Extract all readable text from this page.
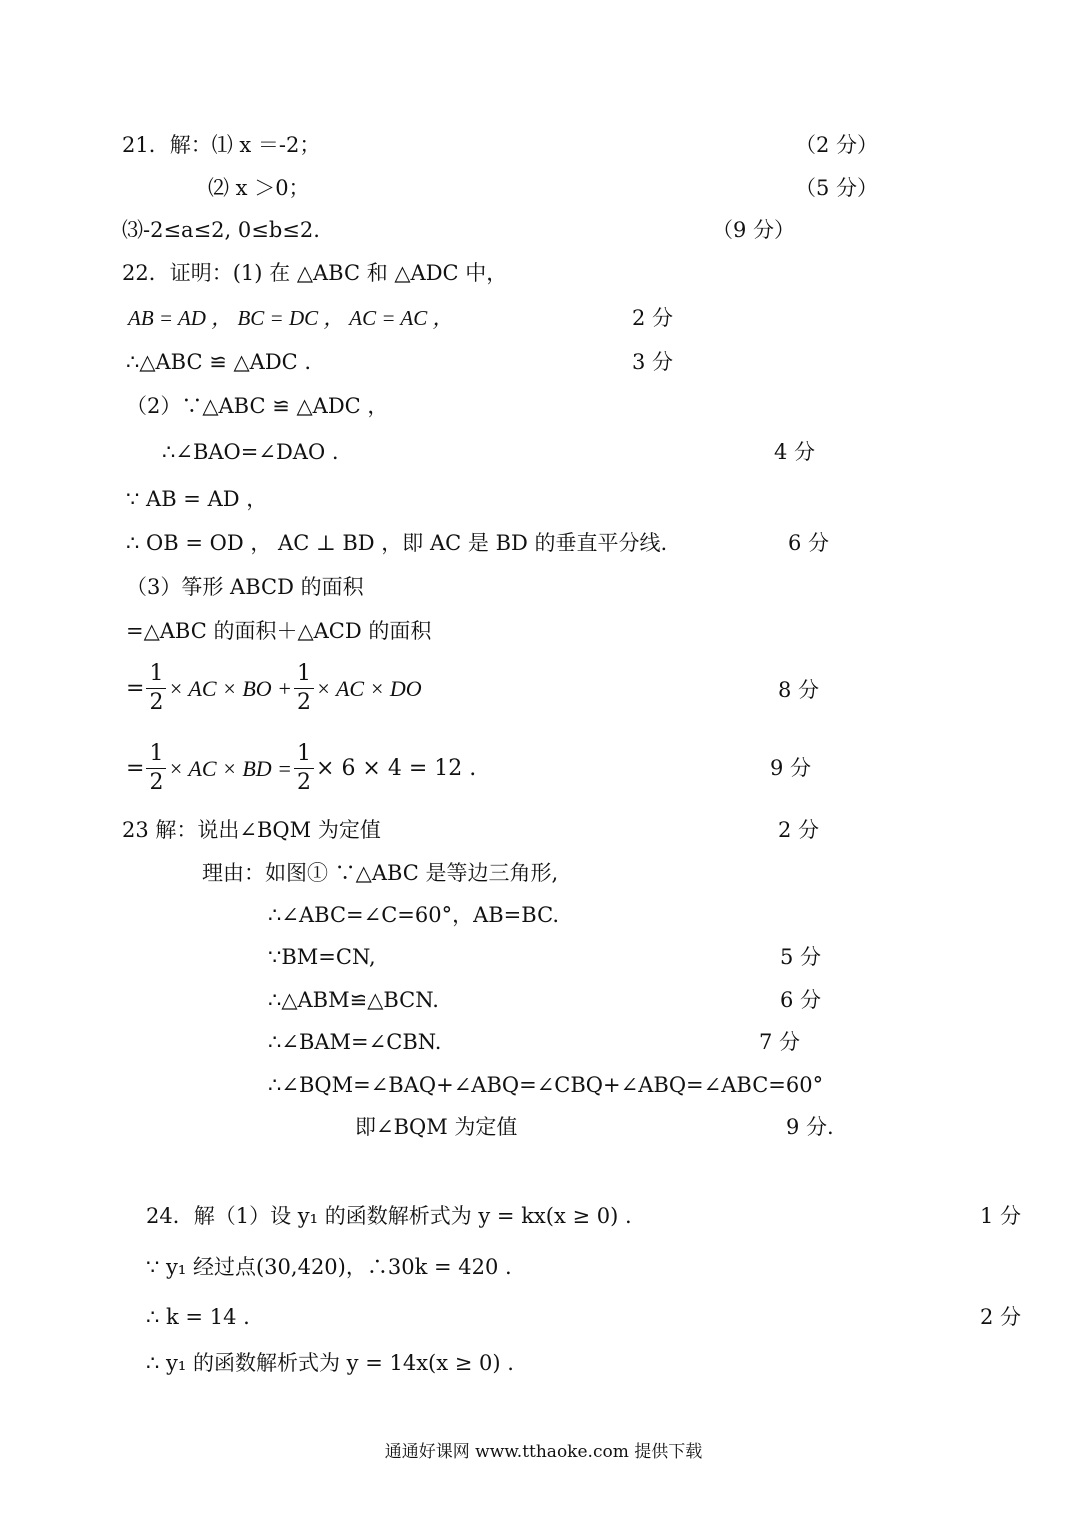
21．解：⑴ x ＝-2；	（2 分）
⑵ x ＞0；	（5 分）
⑶-2≤a≤2, 0≤b≤2.	（9 分）
22．证明：(1) 在 △ABC 和 △ADC 中，
AB = AD ， BC = DC ， AC = AC ，	2 分
∴△ABC ≌ △ADC .	3 分
（2）∵△ABC ≌ △ADC ，
∴∠BAO=∠DAO .	4 分
∵ AB = AD ，
∴ OB = OD ， AC ⊥ BD ，即 AC 是 BD 的垂直平分线.	6 分
（3）筝形 ABCD 的面积
=△ABC 的面积＋△ACD 的面积
= $\frac{1}{2}$ × AC × BO + $\frac{1}{2}$ × AC × DO	8 分
= $\frac{1}{2}$ × AC × BD = $\frac{1}{2} \times 6 \times 4 = 12$ .	9 分
23 解：说出∠BQM 为定值	2 分
理由：如图① ∵△ABC 是等边三角形,
∴∠ABC=∠C=60°，AB=BC.
∵BM=CN,	5 分
∴△ABM≌△BCN.	6 分
∴∠BAM=∠CBN.	7 分
∴∠BQM=∠BAQ+∠ABQ=∠CBQ+∠ABQ=∠ABC=60°
即∠BQM 为定值	9 分.
24．解（1）设 y₁ 的函数解析式为 y = kx(x ≥ 0) .	1 分
∵ y₁ 经过点(30,420)，∴30k = 420 .
∴ k = 14 .	2 分
∴ y₁ 的函数解析式为 y = 14x(x ≥ 0) .
通通好课网 www.tthaoke.com 提供下载
